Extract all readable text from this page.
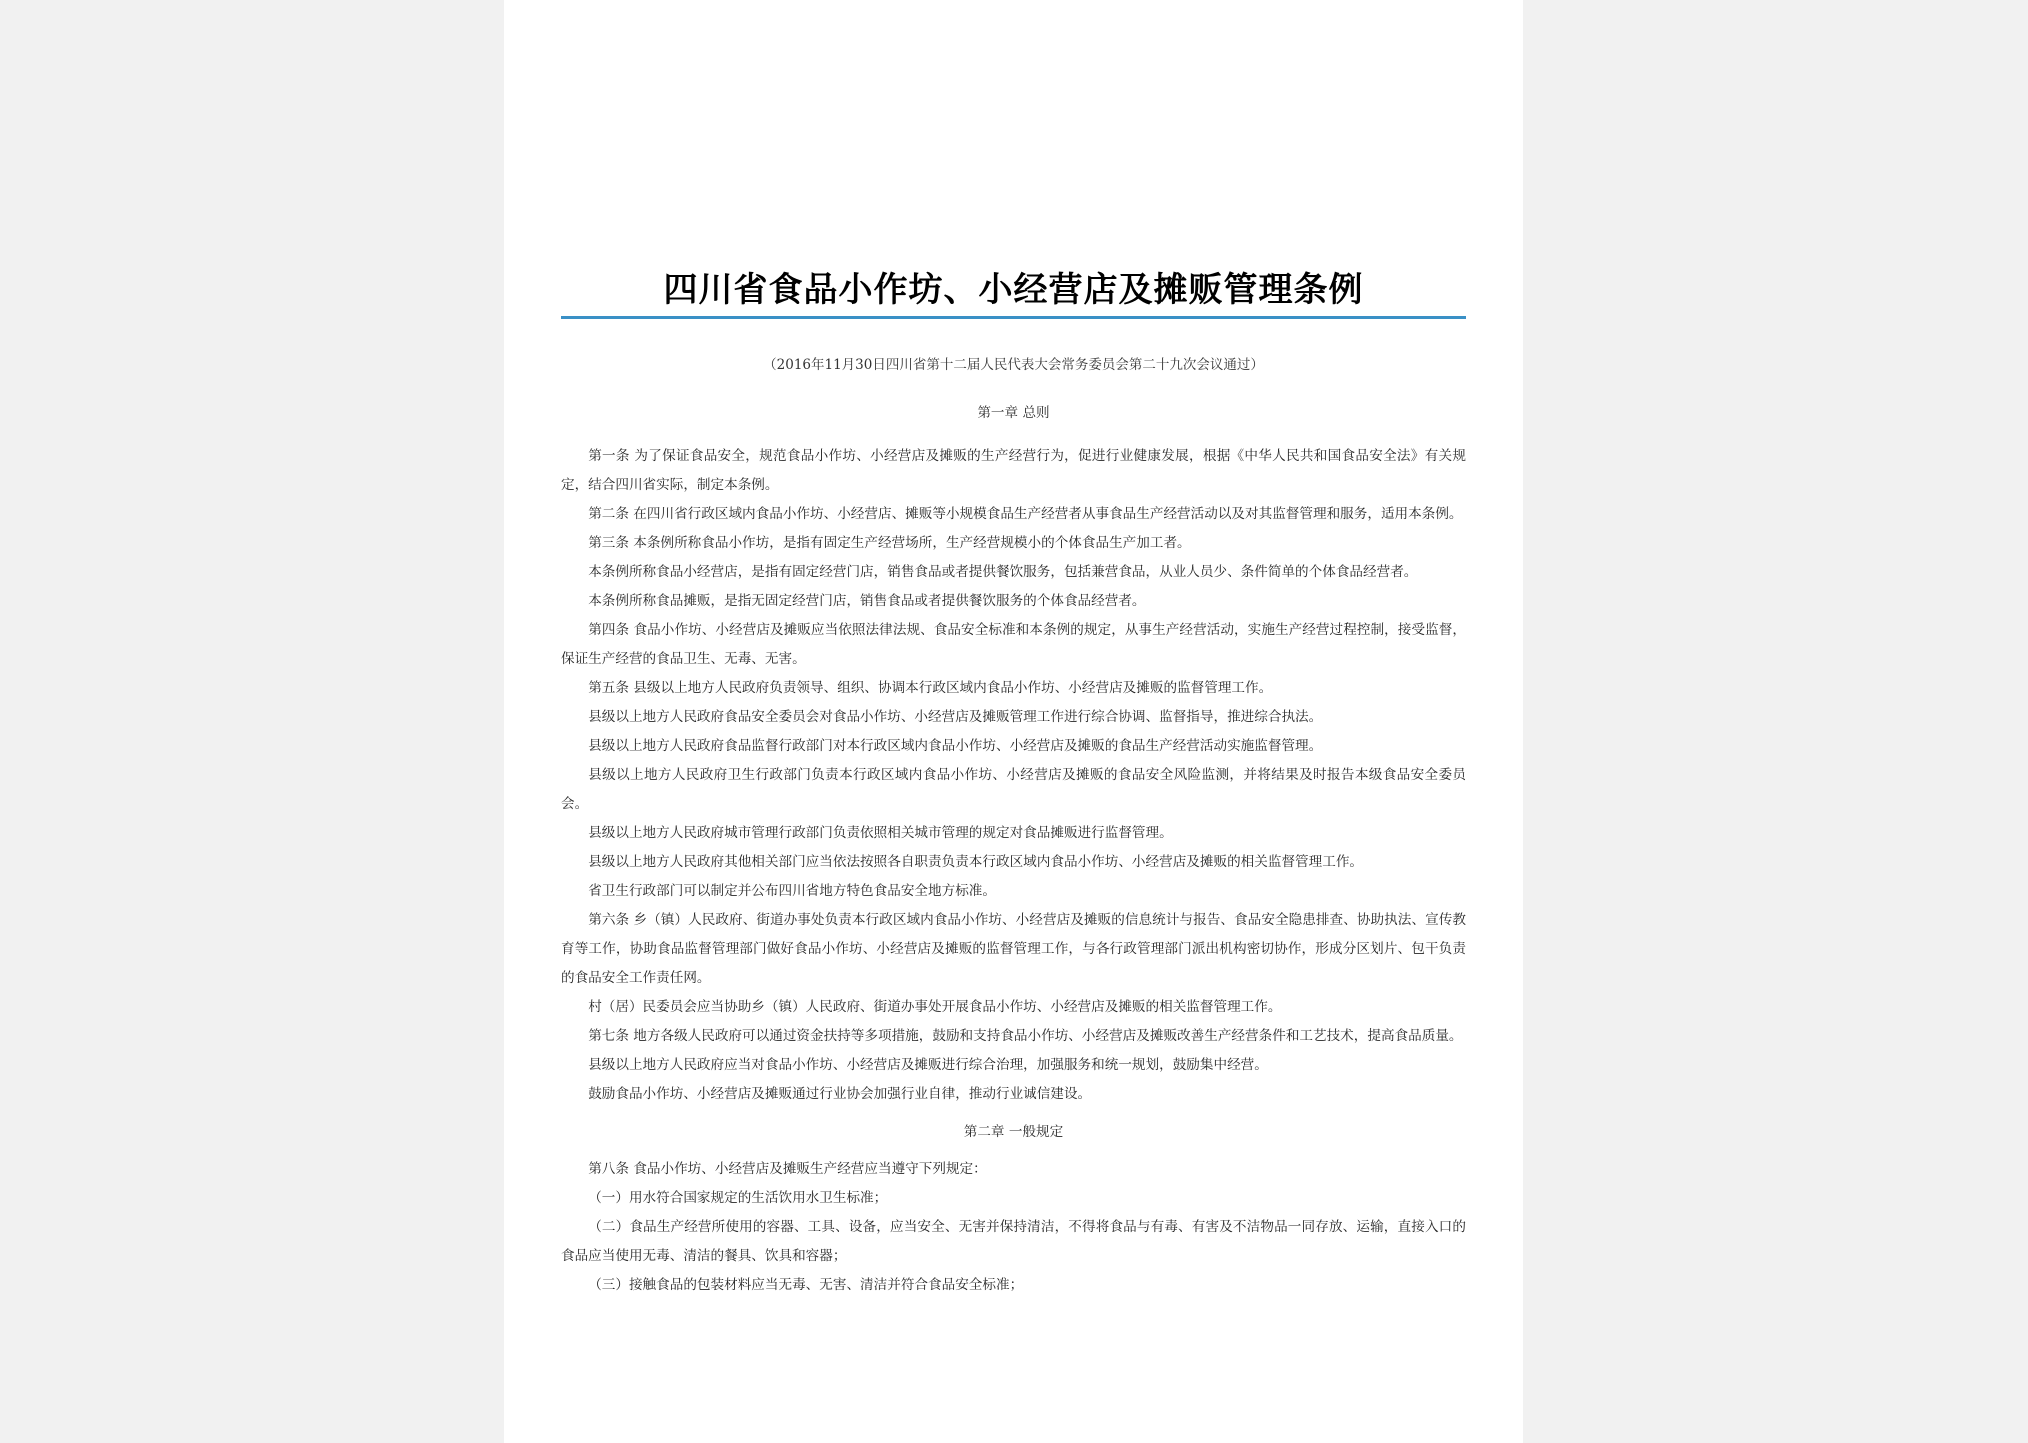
四川省食品小作坊、小经营店及摊贩管理条例
（2016年11月30日四川省第十二届人民代表大会常务委员会第二十九次会议通过）
第一章 总则

第一条 为了保证食品安全，规范食品小作坊、小经营店及摊贩的生产经营行为，促进行业健康发展，根据《中华人民共和国食品安全法》有关规定，结合四川省实际，制定本条例。

第二条 在四川省行政区域内食品小作坊、小经营店、摊贩等小规模食品生产经营者从事食品生产经营活动以及对其监督管理和服务，适用本条例。

第三条 本条例所称食品小作坊，是指有固定生产经营场所，生产经营规模小的个体食品生产加工者。

本条例所称食品小经营店，是指有固定经营门店，销售食品或者提供餐饮服务，包括兼营食品，从业人员少、条件简单的个体食品经营者。

本条例所称食品摊贩，是指无固定经营门店，销售食品或者提供餐饮服务的个体食品经营者。

第四条 食品小作坊、小经营店及摊贩应当依照法律法规、食品安全标准和本条例的规定，从事生产经营活动，实施生产经营过程控制，接受监督，保证生产经营的食品卫生、无毒、无害。

第五条 县级以上地方人民政府负责领导、组织、协调本行政区域内食品小作坊、小经营店及摊贩的监督管理工作。

县级以上地方人民政府食品安全委员会对食品小作坊、小经营店及摊贩管理工作进行综合协调、监督指导，推进综合执法。

县级以上地方人民政府食品监督行政部门对本行政区域内食品小作坊、小经营店及摊贩的食品生产经营活动实施监督管理。

县级以上地方人民政府卫生行政部门负责本行政区域内食品小作坊、小经营店及摊贩的食品安全风险监测，并将结果及时报告本级食品安全委员会。

县级以上地方人民政府城市管理行政部门负责依照相关城市管理的规定对食品摊贩进行监督管理。

县级以上地方人民政府其他相关部门应当依法按照各自职责负责本行政区域内食品小作坊、小经营店及摊贩的相关监督管理工作。

省卫生行政部门可以制定并公布四川省地方特色食品安全地方标准。

第六条 乡（镇）人民政府、街道办事处负责本行政区域内食品小作坊、小经营店及摊贩的信息统计与报告、食品安全隐患排查、协助执法、宣传教育等工作，协助食品监督管理部门做好食品小作坊、小经营店及摊贩的监督管理工作，与各行政管理部门派出机构密切协作，形成分区划片、包干负责的食品安全工作责任网。

村（居）民委员会应当协助乡（镇）人民政府、街道办事处开展食品小作坊、小经营店及摊贩的相关监督管理工作。

第七条 地方各级人民政府可以通过资金扶持等多项措施，鼓励和支持食品小作坊、小经营店及摊贩改善生产经营条件和工艺技术，提高食品质量。

县级以上地方人民政府应当对食品小作坊、小经营店及摊贩进行综合治理，加强服务和统一规划，鼓励集中经营。

鼓励食品小作坊、小经营店及摊贩通过行业协会加强行业自律，推动行业诚信建设。

第二章 一般规定

第八条 食品小作坊、小经营店及摊贩生产经营应当遵守下列规定：

（一）用水符合国家规定的生活饮用水卫生标准；

（二）食品生产经营所使用的容器、工具、设备，应当安全、无害并保持清洁，不得将食品与有毒、有害及不洁物品一同存放、运输，直接入口的食品应当使用无毒、清洁的餐具、饮具和容器；

（三）接触食品的包装材料应当无毒、无害、清洁并符合食品安全标准；
